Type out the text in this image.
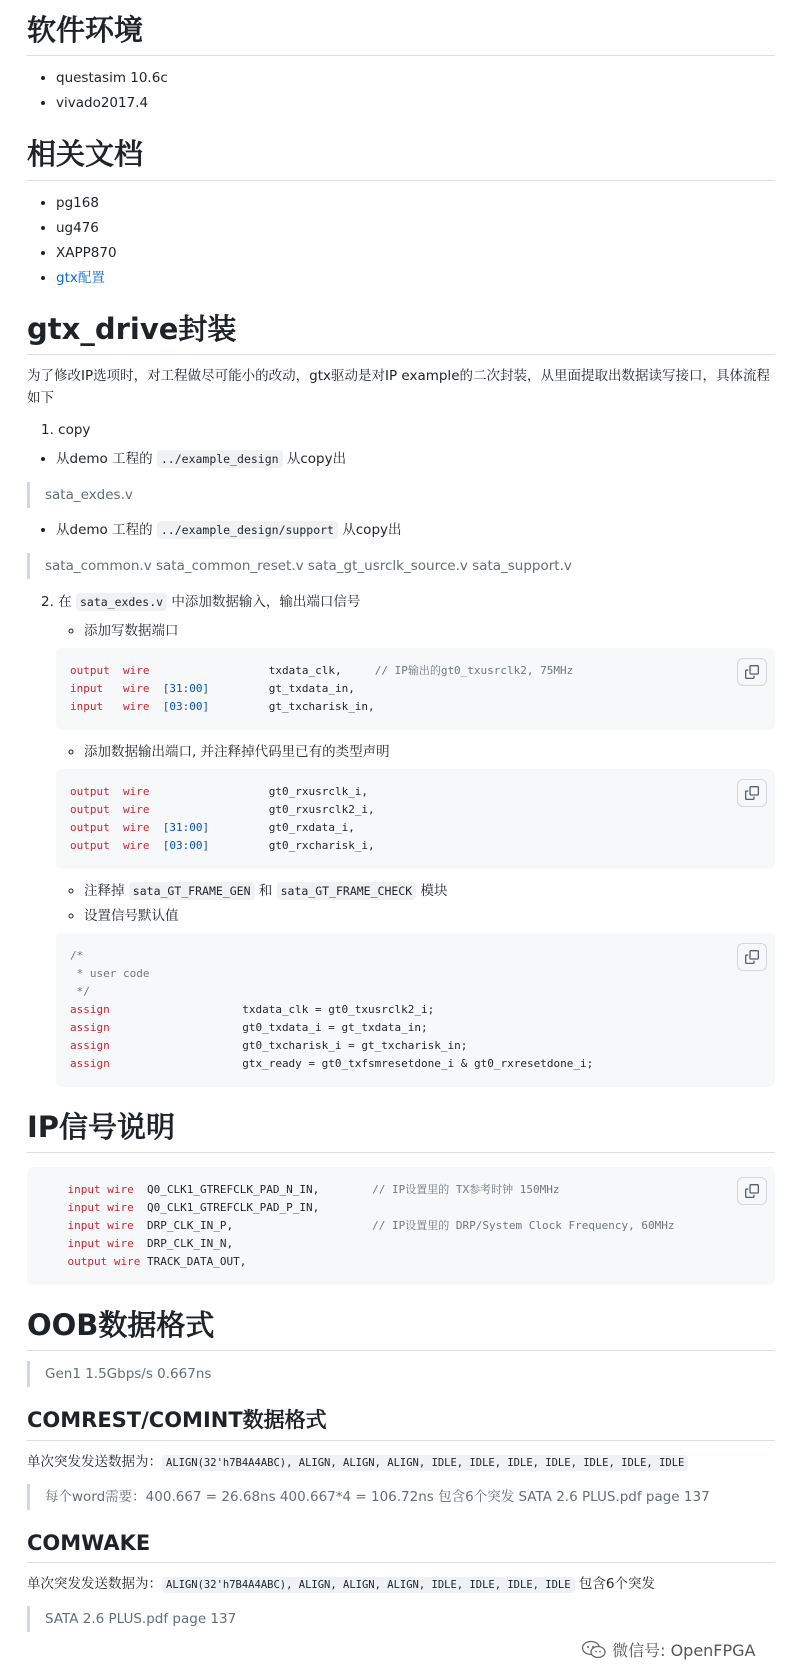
软件环境
• questasim 10.6c
• vivado2017.4
相关文档
• pg168
• ug476
• XAPP870
• gtx配置
gtx_drive封装

为了修改IP选项时，对工程做尽可能小的改动，gtx驱动是对IP example的二次封装，从里面提取出数据读写接口，具体流程如下

1. copy
• 从demo 工程的 ../example_design 从copy出
sata_exdes.v
• 从demo 工程的 ../example_design/support 从copy出
sata_common.v sata_common_reset.v sata_gt_usrclk_source.v sata_support.v
2. 在 sata_exdes.v 中添加数据输入，输出端口信号
◦ 添加写数据端口
output wire	txdata_clk,	// IP输出的gt0_txusrclk2, 75MHz
input wire [31:00]	gt_txdata_in,
input wire [03:00]	gt_txcharisk_in,
◦ 添加数据输出端口, 并注释掉代码里已有的类型声明
output wire	gt0_rxusrclk_i,
output wire	gt0_rxusrclk2_i,
output wire [31:00]	gt0_rxdata_i,
output wire [03:00]	gt0_rxcharisk_i,
◦ 注释掉 sata_GT_FRAME_GEN 和 sata_GT_FRAME_CHECK 模块
◦ 设置信号默认值
/*
* user code
*/
assign	txdata_clk = gt0_txusrclk2_i;
assign	gt0_txdata_i = gt_txdata_in;
assign	gt0_txcharisk_i = gt_txcharisk_in;
assign	gtx_ready = gt0_txfsmresetdone_i & gt0_rxresetdone_i;
IP信号说明
input wire Q0_CLK1_GTREFCLK_PAD_N_IN,	// IP设置里的 TX参考时钟 150MHz
input wire Q0_CLK1_GTREFCLK_PAD_P_IN,
input wire DRP_CLK_IN_P,	// IP设置里的 DRP/System Clock Frequency, 60MHz
input wire DRP_CLK_IN_N,
output wire TRACK_DATA_OUT,
OOB数据格式
Gen1 1.5Gbps/s 0.667ns
COMREST/COMINT数据格式

单次突发发送数据为： ALIGN(32'h7B4A4ABC), ALIGN, ALIGN, ALIGN, IDLE, IDLE, IDLE, IDLE, IDLE, IDLE, IDLE

每个word需要：400.667 = 26.68ns 400.667*4 = 106.72ns 包含6个突发 SATA 2.6 PLUS.pdf page 137
COMWAKE

单次突发发送数据为： ALIGN(32'h7B4A4ABC), ALIGN, ALIGN, ALIGN, IDLE, IDLE, IDLE, IDLE 包含6个突发

SATA 2.6 PLUS.pdf page 137
微信号: OpenFPGA
